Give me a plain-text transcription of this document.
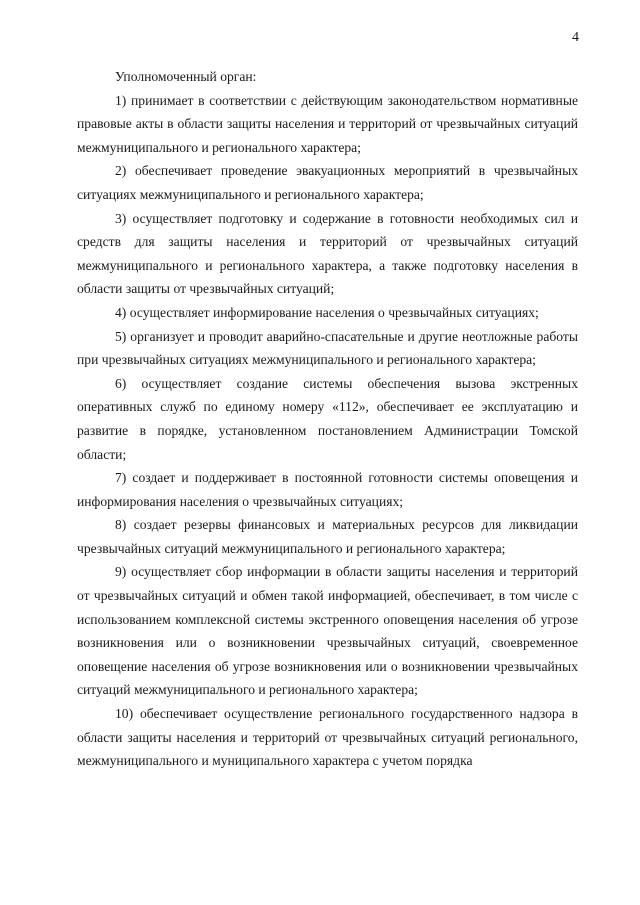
4

Уполномоченный орган:

1) принимает в соответствии с действующим законодательством нормативные правовые акты в области защиты населения и территорий от чрезвычайных ситуаций межмуниципального и регионального характера;

2) обеспечивает проведение эвакуационных мероприятий в чрезвычайных ситуациях межмуниципального и регионального характера;

3) осуществляет подготовку и содержание в готовности необходимых сил и средств для защиты населения и территорий от чрезвычайных ситуаций межмуниципального и регионального характера, а также подготовку населения в области защиты от чрезвычайных ситуаций;

4) осуществляет информирование населения о чрезвычайных ситуациях;

5) организует и проводит аварийно-спасательные и другие неотложные работы при чрезвычайных ситуациях межмуниципального и регионального характера;

6) осуществляет создание системы обеспечения вызова экстренных оперативных служб по единому номеру «112», обеспечивает ее эксплуатацию и развитие в порядке, установленном постановлением Администрации Томской области;

7) создает и поддерживает в постоянной готовности системы оповещения и информирования населения о чрезвычайных ситуациях;

8) создает резервы финансовых и материальных ресурсов для ликвидации чрезвычайных ситуаций межмуниципального и регионального характера;

9) осуществляет сбор информации в области защиты населения и территорий от чрезвычайных ситуаций и обмен такой информацией, обеспечивает, в том числе с использованием комплексной системы экстренного оповещения населения об угрозе возникновения или о возникновении чрезвычайных ситуаций, своевременное оповещение населения об угрозе возникновения или о возникновении чрезвычайных ситуаций межмуниципального и регионального характера;

10) обеспечивает осуществление регионального государственного надзора в области защиты населения и территорий от чрезвычайных ситуаций регионального, межмуниципального и муниципального характера с учетом порядка
